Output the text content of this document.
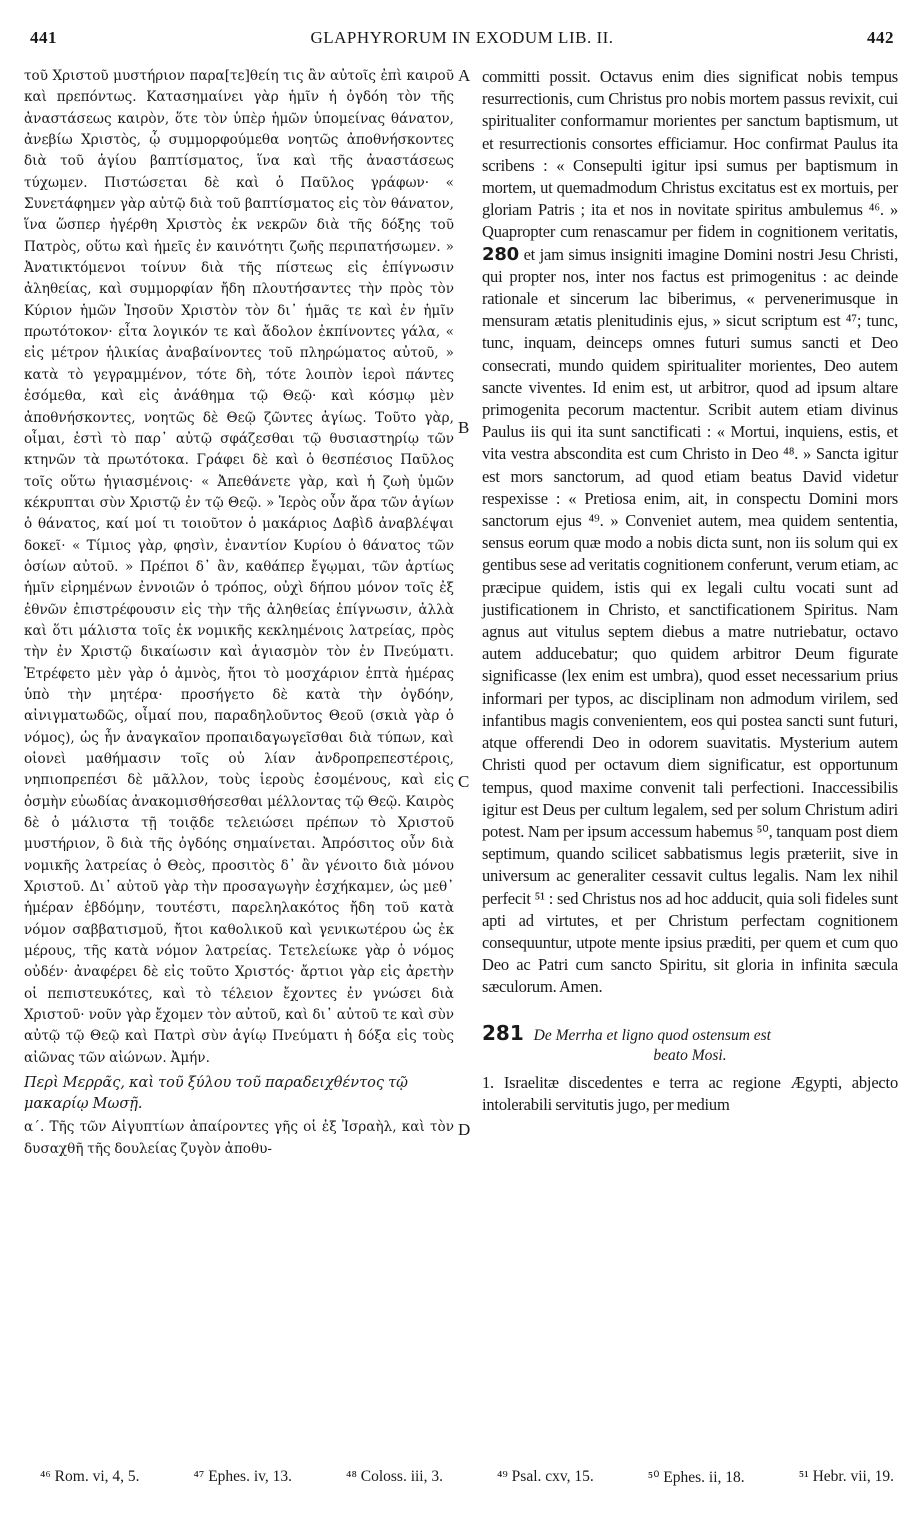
441	GLAPHYRORUM IN EXODUM LIB. II.	442

τοῦ Χριστοῦ μυστήριον παρα[τε]θείη τις ἂν αὐτοῖς ἐπὶ καιροῦ καὶ πρεπόντως. Κατασημαίνει γὰρ ἡμῖν ἡ ὀγδόη τὸν τῆς ἀναστάσεως καιρὸν, ὅτε τὸν ὑπὲρ ἡμῶν ὑπομείνας θάνατον, ἀνεβίω Χριστὸς, ᾧ συμμορφούμεθα νοητῶς ἀποθνήσκοντες διὰ τοῦ ἁγίου βαπτίσματος, ἵνα καὶ τῆς ἀναστάσεως τύχωμεν. Πιστώσεται δὲ καὶ ὁ Παῦλος γράφων· « Συνετάφημεν γὰρ αὐτῷ διὰ τοῦ βαπτίσματος εἰς τὸν θάνατον, ἵνα ὥσπερ ἠγέρθη Χριστὸς ἐκ νεκρῶν διὰ τῆς δόξης τοῦ Πατρὸς, οὕτω καὶ ἡμεῖς ἐν καινότητι ζωῆς περιπατήσωμεν. » Ἀνατικτόμενοι τοίνυν διὰ τῆς πίστεως εἰς ἐπίγνωσιν ἀληθείας, καὶ συμμορφίαν ἤδη πλουτήσαντες τὴν πρὸς τὸν Κύριον ἡμῶν Ἰησοῦν Χριστὸν τὸν δι᾽ ἡμᾶς τε καὶ ἐν ἡμῖν πρωτότοκον· εἶτα λογικόν τε καὶ ἄδολον ἐκπίνοντες γάλα, « εἰς μέτρον ἡλικίας ἀναβαίνοντες τοῦ πληρώματος αὐτοῦ, » κατὰ τὸ γεγραμμένον, τότε δὴ, τότε λοιπὸν ἱεροὶ πάντες ἐσόμεθα, καὶ εἰς ἀνάθημα τῷ Θεῷ· καὶ κόσμῳ μὲν ἀποθνήσκοντες, νοητῶς δὲ Θεῷ ζῶντες ἁγίως. Τοῦτο γὰρ, οἶμαι, ἐστὶ τὸ παρ᾽ αὐτῷ σφάζεσθαι τῷ θυσιαστηρίῳ τῶν κτηνῶν τὰ πρωτότοκα. Γράφει δὲ καὶ ὁ θεσπέσιος Παῦλος τοῖς οὕτω ἡγιασμένοις· « Ἀπεθάνετε γὰρ, καὶ ἡ ζωὴ ὑμῶν κέκρυπται σὺν Χριστῷ ἐν τῷ Θεῷ. » Ἱερὸς οὖν ἄρα τῶν ἁγίων ὁ θάνατος, καί μοί τι τοιοῦτον ὁ μακάριος Δαβὶδ ἀναβλέψαι δοκεῖ· « Τίμιος γὰρ, φησὶν, ἐναντίον Κυρίου ὁ θάνατος τῶν ὁσίων αὐτοῦ. » Πρέποι δ᾽ ἂν, καθάπερ ἔγῳμαι, τῶν ἀρτίως ἡμῖν εἰρημένων ἐννοιῶν ὁ τρόπος, οὐχὶ δήπου μόνον τοῖς ἐξ ἐθνῶν ἐπιστρέφουσιν εἰς τὴν τῆς ἀληθείας ἐπίγνωσιν, ἀλλὰ καὶ ὅτι μάλιστα τοῖς ἐκ νομικῆς κεκλημένοις λατρείας, πρὸς τὴν ἐν Χριστῷ δικαίωσιν καὶ ἁγιασμὸν τὸν ἐν Πνεύματι. Ἐτρέφετο μὲν γὰρ ὁ ἀμνὸς, ἤτοι τὸ μοσχάριον ἑπτὰ ἡμέρας ὑπὸ τὴν μητέρα· προσήγετο δὲ κατὰ τὴν ὀγδόην, αἰνιγματωδῶς, οἶμαί που, παραδηλοῦντος Θεοῦ (σκιὰ γὰρ ὁ νόμος), ὡς ἦν ἀναγκαῖον προπαιδαγωγεῖσθαι διὰ τύπων, καὶ οἱονεὶ μαθήμασιν τοῖς οὐ λίαν ἀνδροπρεπεστέροις, νηπιοπρεπέσι δὲ μᾶλλον, τοὺς ἱεροὺς ἐσομένους, καὶ εἰς ὀσμὴν εὐωδίας ἀνακομισθήσεσθαι μέλλοντας τῷ Θεῷ. Καιρὸς δὲ ὁ μάλιστα τῇ τοιᾷδε τελειώσει πρέπων τὸ Χριστοῦ μυστήριον, ὃ διὰ τῆς ὀγδόης σημαίνεται. Ἀπρόσιτος οὖν διὰ νομικῆς λατρείας ὁ Θεὸς, προσιτὸς δ᾽ ἂν γένοιτο διὰ μόνου Χριστοῦ. Δι᾽ αὐτοῦ γὰρ τὴν προσαγωγὴν ἐσχήκαμεν, ὡς μεθ᾽ ἡμέραν ἑβδόμην, τουτέστι, παρεληλακότος ἤδη τοῦ κατὰ νόμον σαββατισμοῦ, ἤτοι καθολικοῦ καὶ γενικωτέρου ὡς ἐκ μέρους, τῆς κατὰ νόμον λατρείας. Τετελείωκε γὰρ ὁ νόμος οὐδέν· ἀναφέρει δὲ εἰς τοῦτο Χριστός· ἄρτιοι γὰρ εἰς ἀρετὴν οἱ πεπιστευκότες, καὶ τὸ τέλειον ἔχοντες ἐν γνώσει διὰ Χριστοῦ· νοῦν γὰρ ἔχομεν τὸν αὐτοῦ, καὶ δι᾽ αὐτοῦ τε καὶ σὺν αὐτῷ τῷ Θεῷ καὶ Πατρὶ σὺν ἁγίῳ Πνεύματι ἡ δόξα εἰς τοὺς αἰῶνας τῶν αἰώνων. Ἀμήν.

Περὶ Μερρᾶς, καὶ τοῦ ξύλου τοῦ παραδειχθέντος τῷ μακαρίῳ Μωσῇ.

α΄. Τῆς τῶν Αἰγυπτίων ἀπαίροντες γῆς οἱ ἐξ Ἰσραὴλ, καὶ τὸν δυσαχθῆ τῆς δουλείας ζυγὸν ἀποθυ-

A
B
C
D

committi possit. Octavus enim dies significat nobis tempus resurrectionis, cum Christus pro nobis mortem passus revixit, cui spiritualiter conformamur morientes per sanctum baptismum, ut et resurrectionis consortes efficiamur. Hoc confirmat Paulus ita scribens : « Consepulti igitur ipsi sumus per baptismum in mortem, ut quemadmodum Christus excitatus est ex mortuis, per gloriam Patris ; ita et nos in novitate spiritus ambulemus ⁴⁶. » Quapropter cum renascamur per fidem in cognitionem veritatis, 280 et jam simus insigniti imagine Domini nostri Jesu Christi, qui propter nos, inter nos factus est primogenitus : ac deinde rationale et sincerum lac biberimus, « pervenerimusque in mensuram ætatis plenitudinis ejus, » sicut scriptum est ⁴⁷; tunc, tunc, inquam, deinceps omnes futuri sumus sancti et Deo consecrati, mundo quidem spiritualiter morientes, Deo autem sancte viventes. Id enim est, ut arbitror, quod ad ipsum altare primogenita pecorum mactentur. Scribit autem etiam divinus Paulus iis qui ita sunt sanctificati : « Mortui, inquiens, estis, et vita vestra abscondita est cum Christo in Deo ⁴⁸. » Sancta igitur est mors sanctorum, ad quod etiam beatus David videtur respexisse : « Pretiosa enim, ait, in conspectu Domini mors sanctorum ejus ⁴⁹. » Conveniet autem, mea quidem sententia, sensus eorum quæ modo a nobis dicta sunt, non iis solum qui ex gentibus sese ad veritatis cognitionem conferunt, verum etiam, ac præcipue quidem, istis qui ex legali cultu vocati sunt ad justificationem in Christo, et sanctificationem Spiritus. Nam agnus aut vitulus septem diebus a matre nutriebatur, octavo autem adducebatur; quo quidem arbitror Deum figurate significasse (lex enim est umbra), quod esset necessarium prius informari per typos, ac disciplinam non admodum virilem, sed infantibus magis convenientem, eos qui postea sancti sunt futuri, atque offerendi Deo in odorem suavitatis. Mysterium autem Christi quod per octavum diem significatur, est opportunum tempus, quod maxime convenit tali perfectioni. Inaccessibilis igitur est Deus per cultum legalem, sed per solum Christum adiri potest. Nam per ipsum accessum habemus ⁵⁰, tanquam post diem septimum, quando scilicet sabbatismus legis præteriit, sive in universum ac generaliter cessavit cultus legalis. Nam lex nihil perfecit ⁵¹ : sed Christus nos ad hoc adducit, quia soli fideles sunt apti ad virtutes, et per Christum perfectam cognitionem consequuntur, utpote mente ipsius præditi, per quem et cum quo Deo ac Patri cum sancto Spiritu, sit gloria in infinita sæcula sæculorum. Amen.

281 De Merrha et ligno quod ostensum est
beato Mosi.

1. Israelitæ discedentes e terra ac regione Ægypti, abjecto intolerabili servitutis jugo, per medium

⁴⁶ Rom. vi, 4, 5.	⁴⁷ Ephes. iv, 13.	⁴⁸ Coloss. iii, 3.	⁴⁹ Psal. cxv, 15.	⁵⁰ Ephes. ii, 18.	⁵¹ Hebr. vii, 19.
